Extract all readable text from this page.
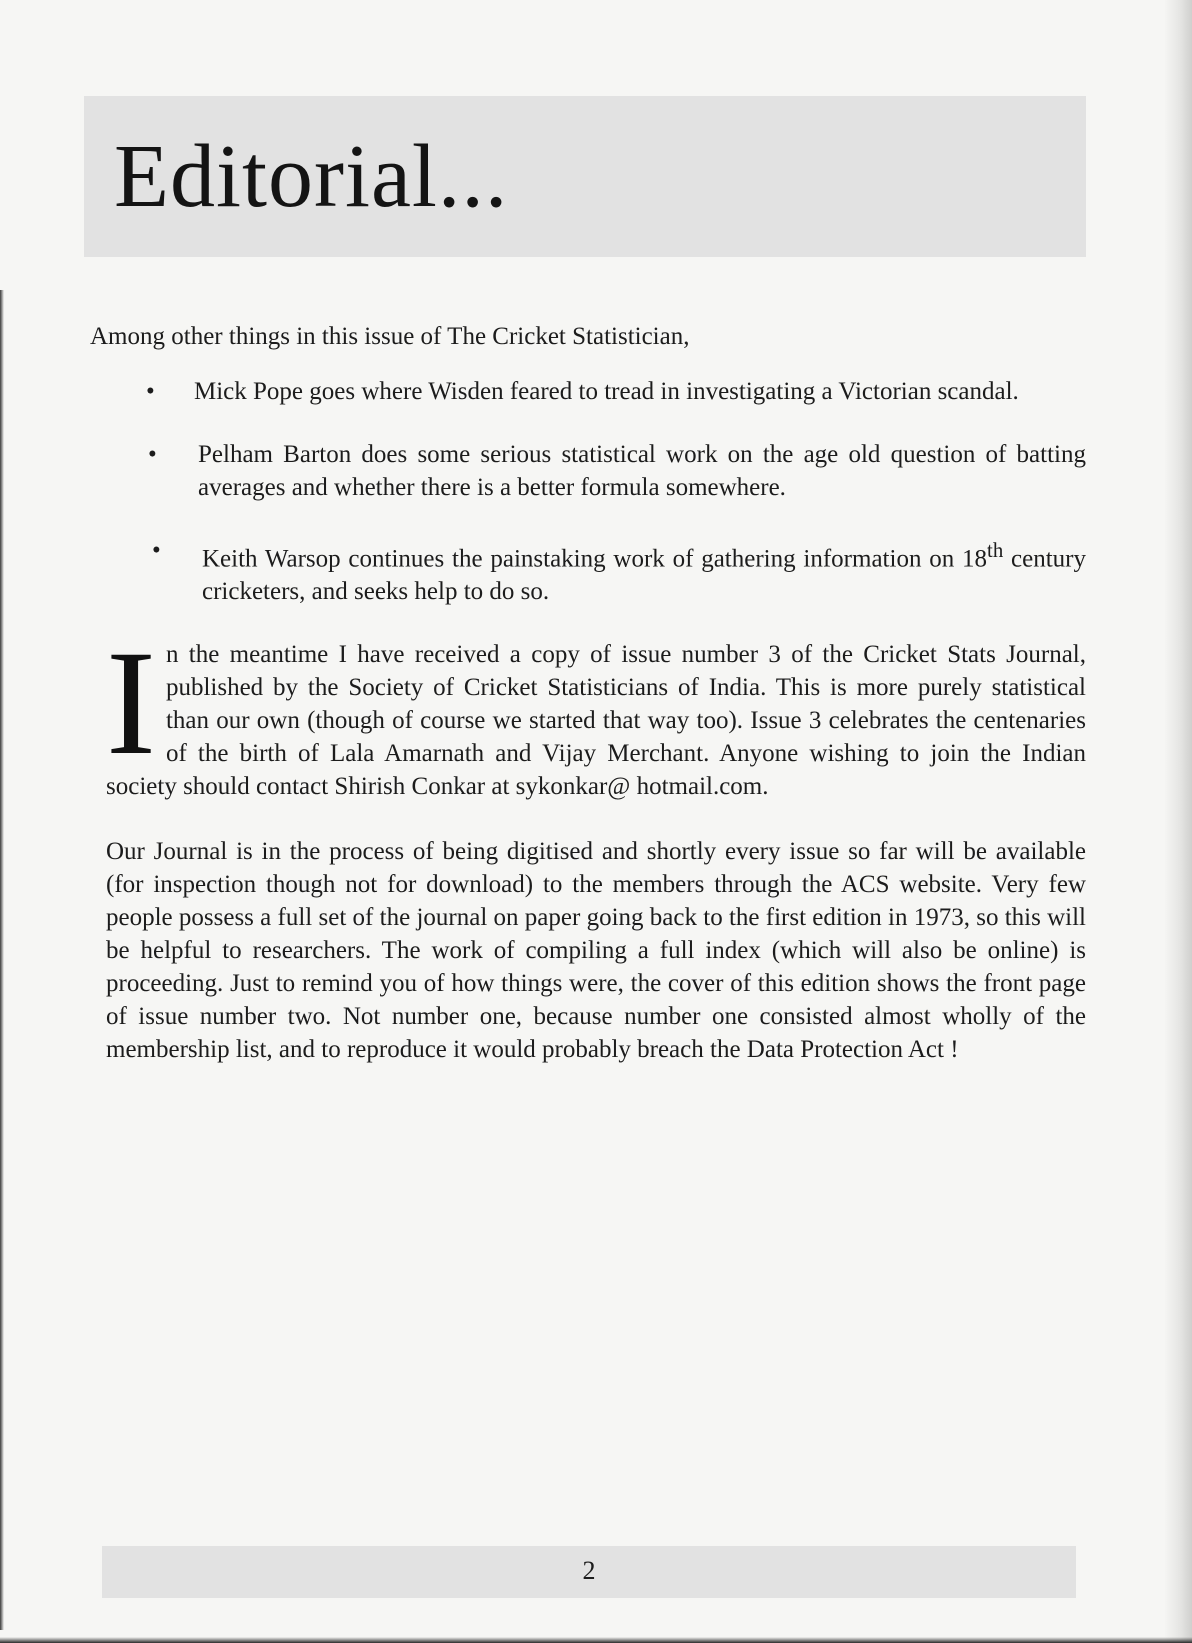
Editorial...

Among other things in this issue of The Cricket Statistician,

• Mick Pope goes where Wisden feared to tread in investigating a Victorian scandal.
• Pelham Barton does some serious statistical work on the age old question of batting averages and whether there is a better formula somewhere.
• Keith Warsop continues the painstaking work of gathering information on 18th century cricketers, and seeks help to do so.

In the meantime I have received a copy of issue number 3 of the Cricket Stats Journal, published by the Society of Cricket Statisticians of India. This is more purely statistical than our own (though of course we started that way too). Issue 3 celebrates the centenaries of the birth of Lala Amarnath and Vijay Merchant. Anyone wishing to join the Indian society should contact Shirish Conkar at sykonkar@ hotmail.com.

Our Journal is in the process of being digitised and shortly every issue so far will be available (for inspection though not for download) to the members through the ACS website. Very few people possess a full set of the journal on paper going back to the first edition in 1973, so this will be helpful to researchers. The work of compiling a full index (which will also be online) is proceeding. Just to remind you of how things were, the cover of this edition shows the front page of issue number two. Not number one, because number one consisted almost wholly of the membership list, and to reproduce it would probably breach the Data Protection Act !

2
